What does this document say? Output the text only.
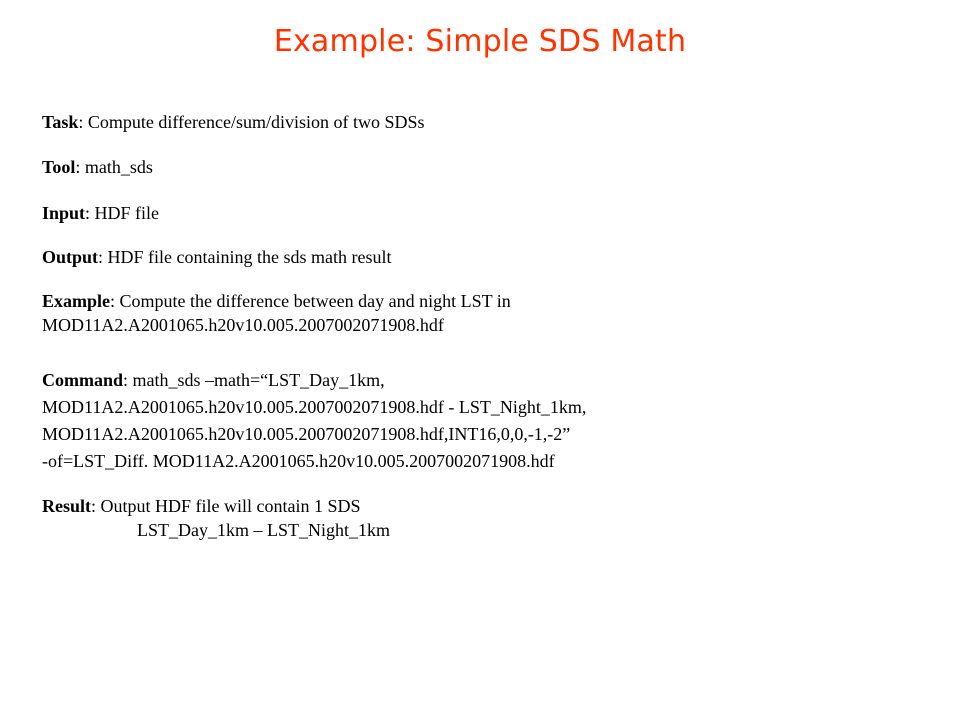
Example: Simple SDS Math

Task: Compute difference/sum/division of two SDSs

Tool: math_sds

Input: HDF file

Output: HDF file containing the sds math result

Example: Compute the difference between day and night LST in
MOD11A2.A2001065.h20v10.005.2007002071908.hdf
Command: math_sds –math=“LST_Day_1km,
MOD11A2.A2001065.h20v10.005.2007002071908.hdf - LST_Night_1km,
MOD11A2.A2001065.h20v10.005.2007002071908.hdf,INT16,0,0,-1,-2”
-of=LST_Diff. MOD11A2.A2001065.h20v10.005.2007002071908.hdf
Result: Output HDF file will contain 1 SDS
LST_Day_1km – LST_Night_1km
